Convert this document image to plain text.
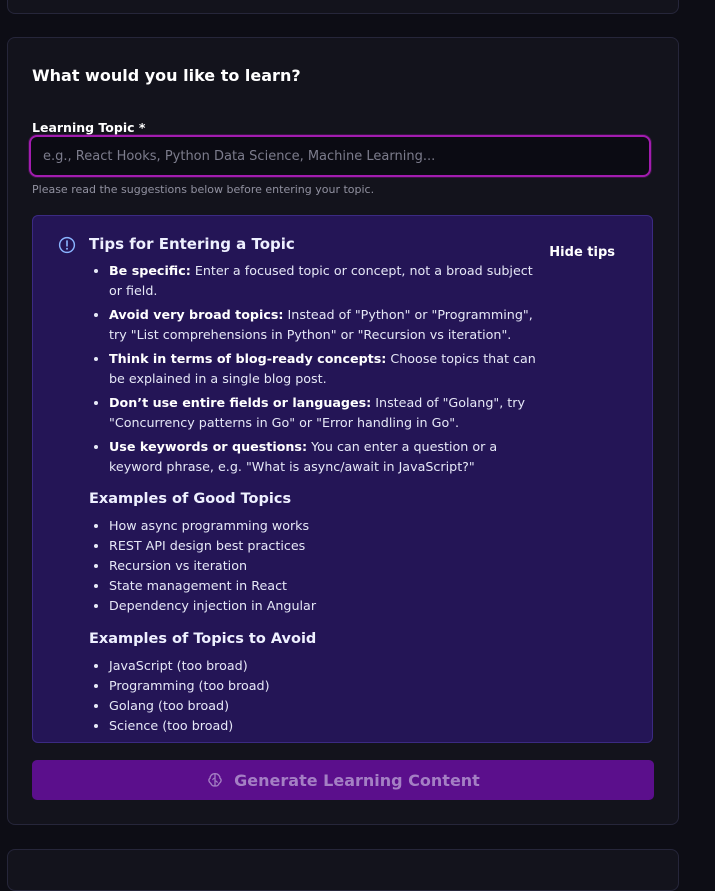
What would you like to learn?
Learning Topic *
e.g., React Hooks, Python Data Science, Machine Learning...
Please read the suggestions below before entering your topic.
Tips for Entering a Topic	Hide tips
• Be specific: Enter a focused topic or concept, not a broad subject or field.
• Avoid very broad topics: Instead of "Python" or "Programming", try "List comprehensions in Python" or "Recursion vs iteration".
• Think in terms of blog-ready concepts: Choose topics that can be explained in a single blog post.
• Don’t use entire fields or languages: Instead of "Golang", try "Concurrency patterns in Go" or "Error handling in Go".
• Use keywords or questions: You can enter a question or a keyword phrase, e.g. "What is async/await in JavaScript?"
Examples of Good Topics
• How async programming works
• REST API design best practices
• Recursion vs iteration
• State management in React
• Dependency injection in Angular
Examples of Topics to Avoid
• JavaScript (too broad)
• Programming (too broad)
• Golang (too broad)
• Science (too broad)
Generate Learning Content
